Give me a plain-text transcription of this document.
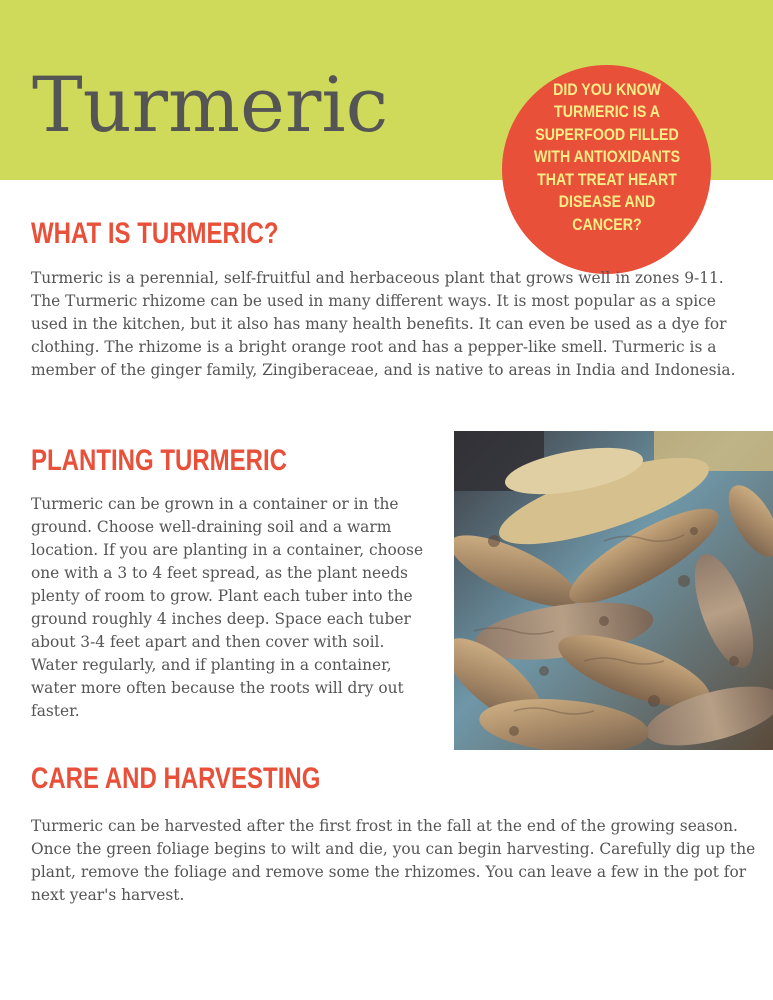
Turmeric	DID YOU KNOW TURMERIC IS A SUPERFOOD FILLED WITH ANTIOXIDANTS THAT TREAT HEART DISEASE AND CANCER?
WHAT IS TURMERIC?

Turmeric is a perennial, self-fruitful and herbaceous plant that grows well in zones 9-11. The Turmeric rhizome can be used in many different ways. It is most popular as a spice used in the kitchen, but it also has many health benefits. It can even be used as a dye for clothing. The rhizome is a bright orange root and has a pepper-like smell. Turmeric is a member of the ginger family, Zingiberaceae, and is native to areas in India and Indonesia.

PLANTING TURMERIC

Turmeric can be grown in a container or in the ground. Choose well-draining soil and a warm location. If you are planting in a container, choose one with a 3 to 4 feet spread, as the plant needs plenty of room to grow. Plant each tuber into the ground roughly 4 inches deep. Space each tuber about 3-4 feet apart and then cover with soil. Water regularly, and if planting in a container, water more often because the roots will dry out faster.

CARE AND HARVESTING

Turmeric can be harvested after the first frost in the fall at the end of the growing season. Once the green foliage begins to wilt and die, you can begin harvesting. Carefully dig up the plant, remove the foliage and remove some the rhizomes. You can leave a few in the pot for next year's harvest.
